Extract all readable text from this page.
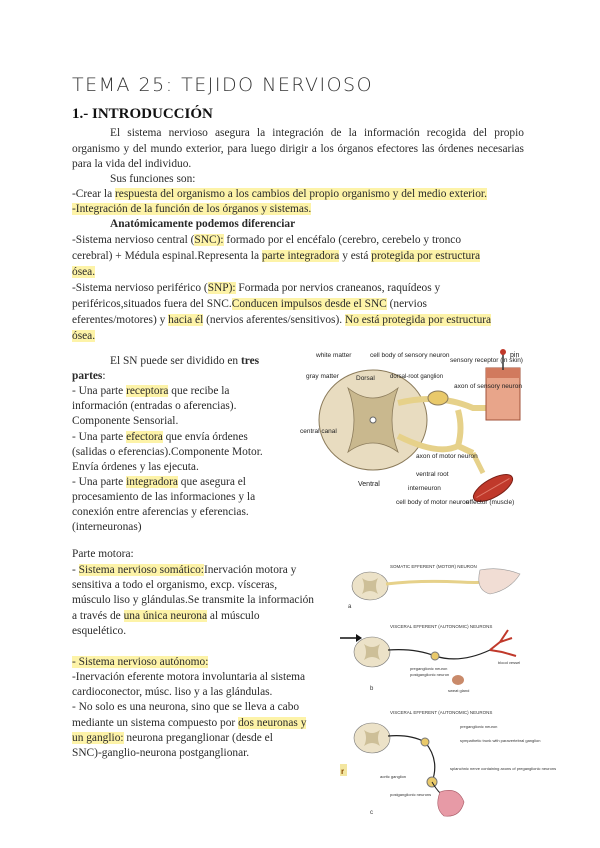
TEMA 25: TEJIDO NERVIOSO
1.- INTRODUCCIÓN
El sistema nervioso asegura la integración de la información recogida del propio organismo y del mundo exterior, para luego dirigir a los órganos efectores las órdenes necesarias para la vida del individuo.
Sus funciones son:
-Crear la respuesta del organismo a los cambios del propio organismo y del medio exterior.
-Integración de la función de los órganos y sistemas.
Anatómicamente podemos diferenciar
-Sistema nervioso central (SNC): formado por el encéfalo (cerebro, cerebelo y tronco
cerebral) + Médula espinal.Representa la parte integradora y está protegida por estructura
ósea.
-Sistema nervioso periférico (SNP): Formada por nervios craneanos, raquídeos y
periféricos,situados fuera del SNC.Conducen impulsos desde el SNC (nervios
eferentes/motores) y hacia él (nervios aferentes/sensitivos). No está protegida por estructura
ósea.
El SN puede ser dividido en tres
partes:
- Una parte receptora que recibe la
información (entradas o aferencias).
Componente Sensorial.
- Una parte efectora que envía órdenes
(salidas o eferencias).Componente Motor.
Envía órdenes y las ejecuta.
- Una parte integradora que asegura el
procesamiento de las informaciones y la
conexión entre aferencias y eferencias.
(interneuronas)
white matter
gray matter	Dorsal
cell body of sensory neuron
dorsal-root ganglion
sensory receptor (in skin)
pin
axon of sensory neuron
central canal
axon of motor neuron
ventral root
interneuron
Ventral
cell body of motor neuron
effector (muscle)
Parte motora:
- Sistema nervioso somático:Inervación motora y
sensitiva a todo el organismo, excp. vísceras,
músculo liso y glándulas.Se transmite la información
a través de una única neurona al músculo
esquelético.
- Sistema nervioso autónomo:
-Inervación eferente motora involuntaria al sistema
cardioconector, músc. liso y a las glándulas.
- No solo es una neurona, sino que se lleva a cabo
mediante un sistema compuesto por dos neuronas y
un ganglio: neurona preganglionar (desde el
SNC)-ganglio-neurona postganglionar.
SOMATIC EFFERENT (MOTOR) NEURON
a
VISCERAL EFFERENT (AUTONOMIC) NEURONS
preganglionic neuron
postganglionic neuron
sweat gland
blood vessel
b
VISCERAL EFFERENT (AUTONOMIC) NEURONS
preganglionic neuron
sympathetic trunk with paravertebral ganglion
splanchnic nerve containing axons of preganglionic neurons
aortic ganglion
postganglionic neurons
c
r
